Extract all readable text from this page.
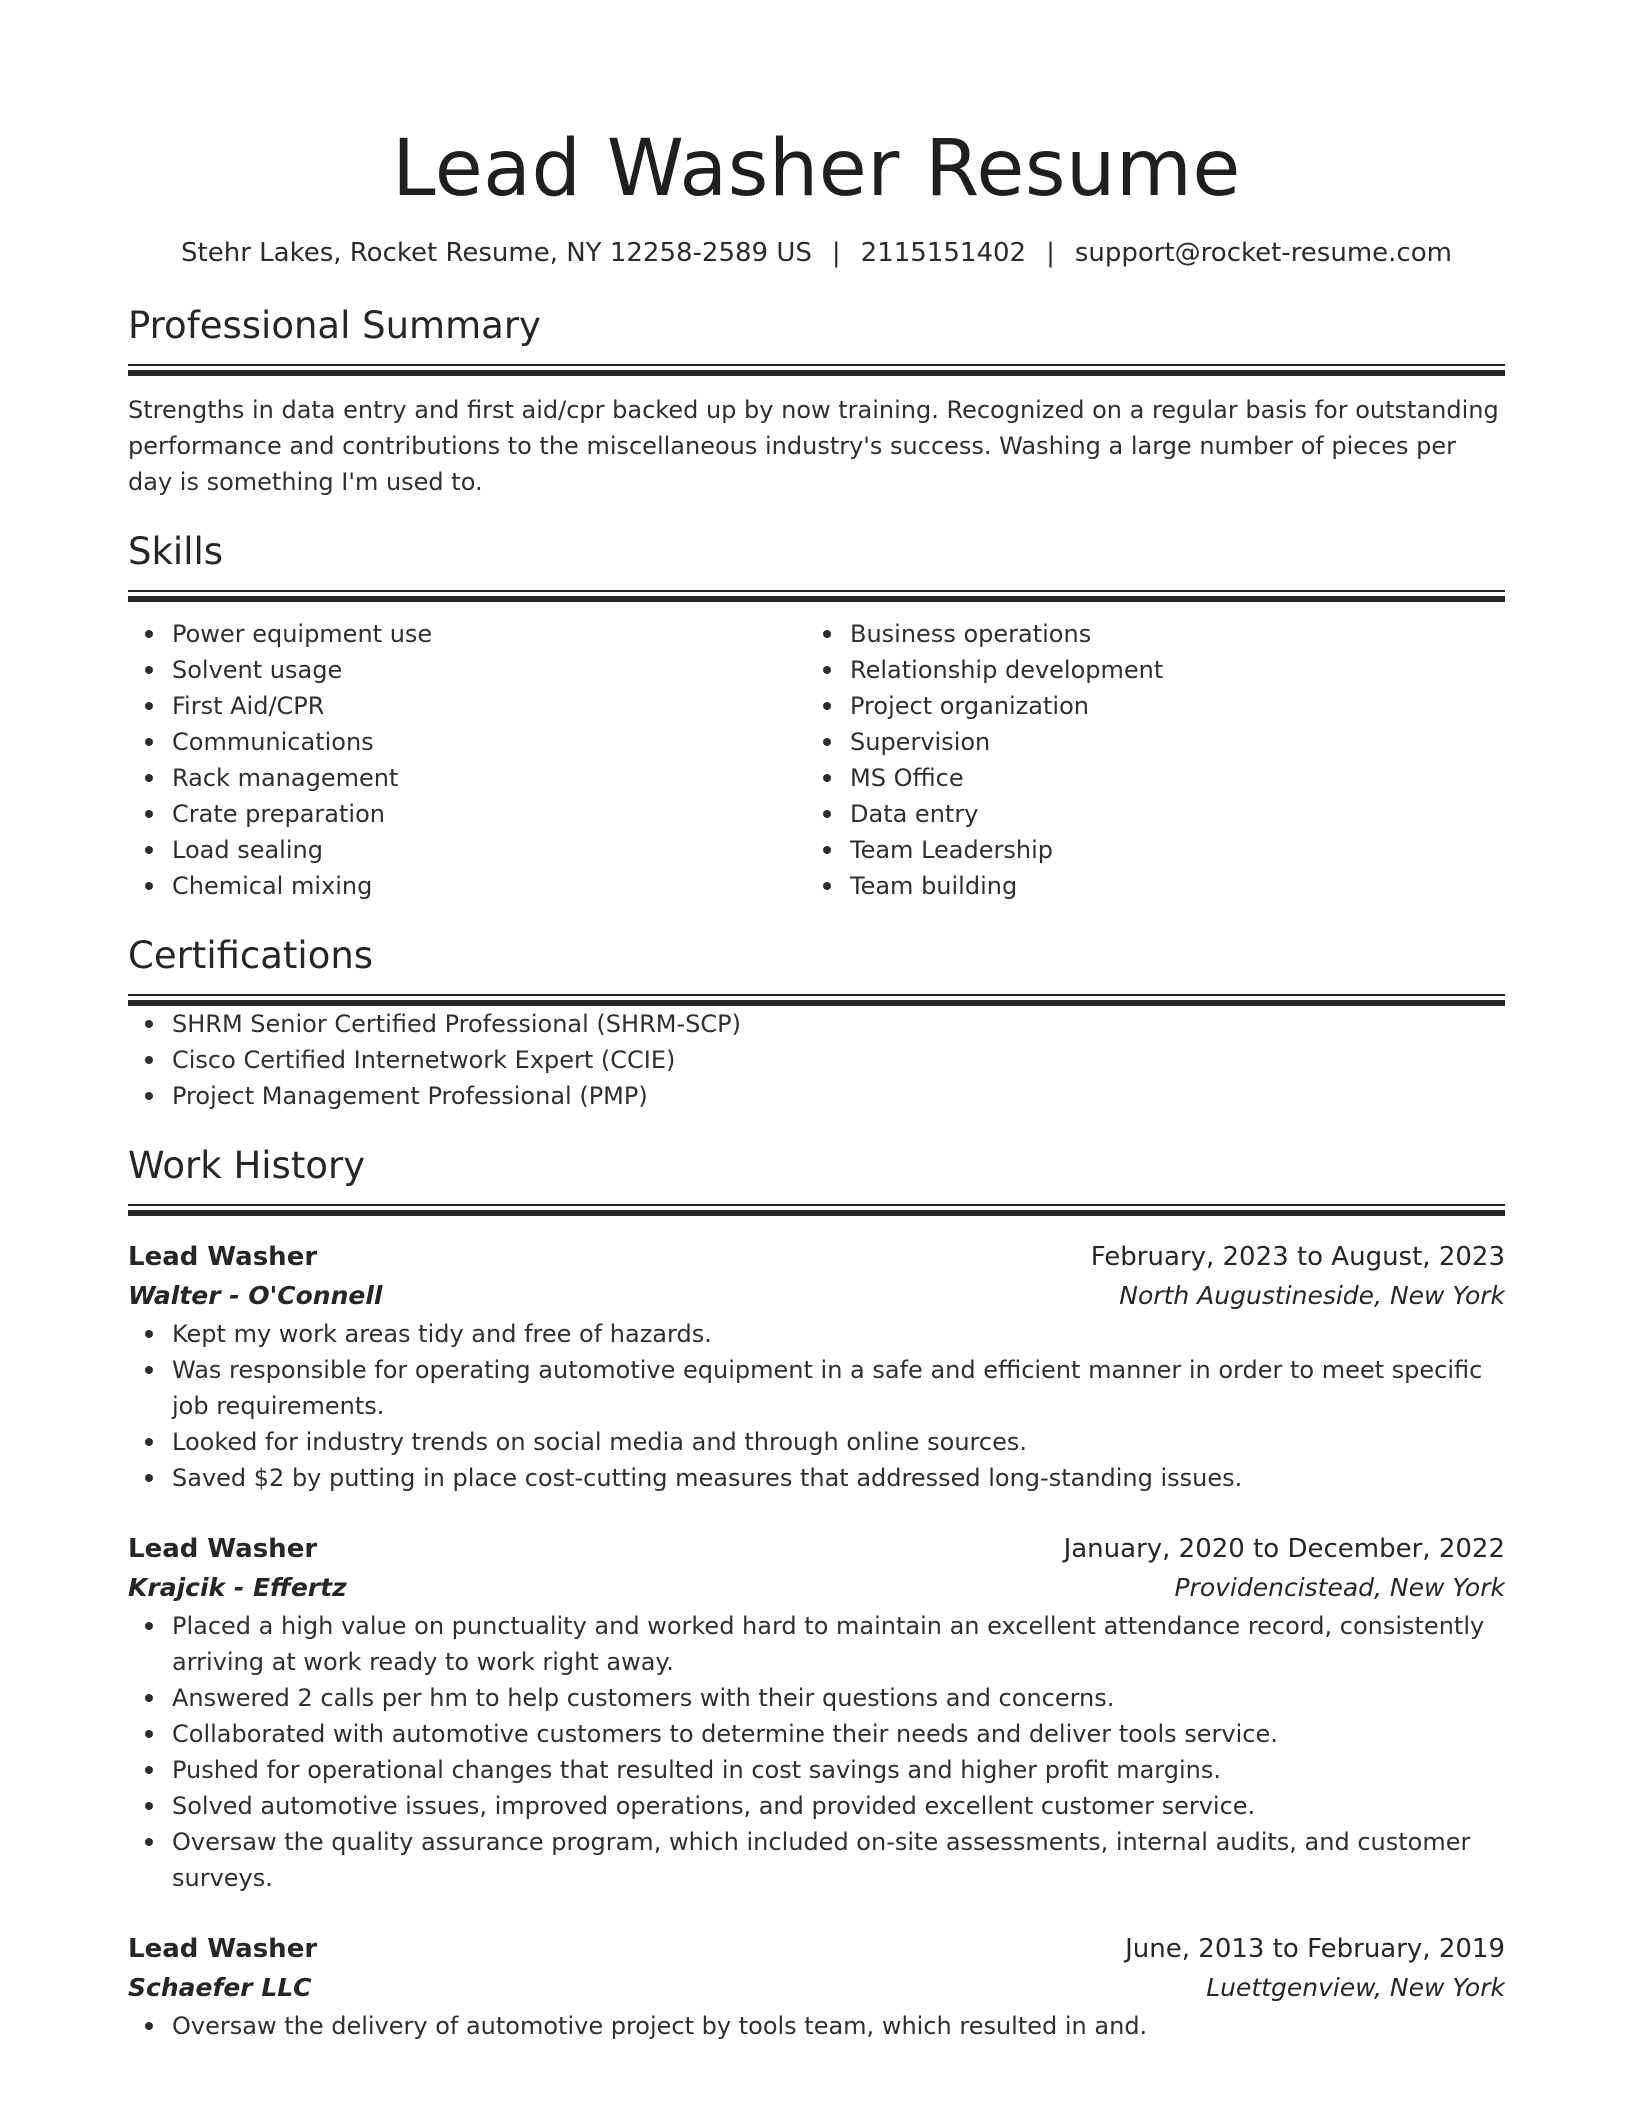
Lead Washer Resume
Stehr Lakes, Rocket Resume, NY 12258-2589 US | 2115151402 | support@rocket-resume.com
Professional Summary

Strengths in data entry and first aid/cpr backed up by now training. Recognized on a regular basis for outstanding performance and contributions to the miscellaneous industry's success. Washing a large number of pieces per day is something I'm used to.

Skills
Power equipment use
Solvent usage
First Aid/CPR
Communications
Rack management
Crate preparation
Load sealing
Chemical mixing
Business operations
Relationship development
Project organization
Supervision
MS Office
Data entry
Team Leadership
Team building
Certifications
SHRM Senior Certified Professional (SHRM-SCP)
Cisco Certified Internetwork Expert (CCIE)
Project Management Professional (PMP)
Work History
Lead Washer	February, 2023 to August, 2023
Walter - O'Connell	North Augustineside, New York
Kept my work areas tidy and free of hazards.
Was responsible for operating automotive equipment in a safe and efficient manner in order to meet specific job requirements.
Looked for industry trends on social media and through online sources.
Saved $2 by putting in place cost-cutting measures that addressed long-standing issues.
Lead Washer	January, 2020 to December, 2022
Krajcik - Effertz	Providencistead, New York
Placed a high value on punctuality and worked hard to maintain an excellent attendance record, consistently arriving at work ready to work right away.
Answered 2 calls per hm to help customers with their questions and concerns.
Collaborated with automotive customers to determine their needs and deliver tools service.
Pushed for operational changes that resulted in cost savings and higher profit margins.
Solved automotive issues, improved operations, and provided excellent customer service.
Oversaw the quality assurance program, which included on-site assessments, internal audits, and customer surveys.
Lead Washer	June, 2013 to February, 2019
Schaefer LLC	Luettgenview, New York
Oversaw the delivery of automotive project by tools team, which resulted in and.
